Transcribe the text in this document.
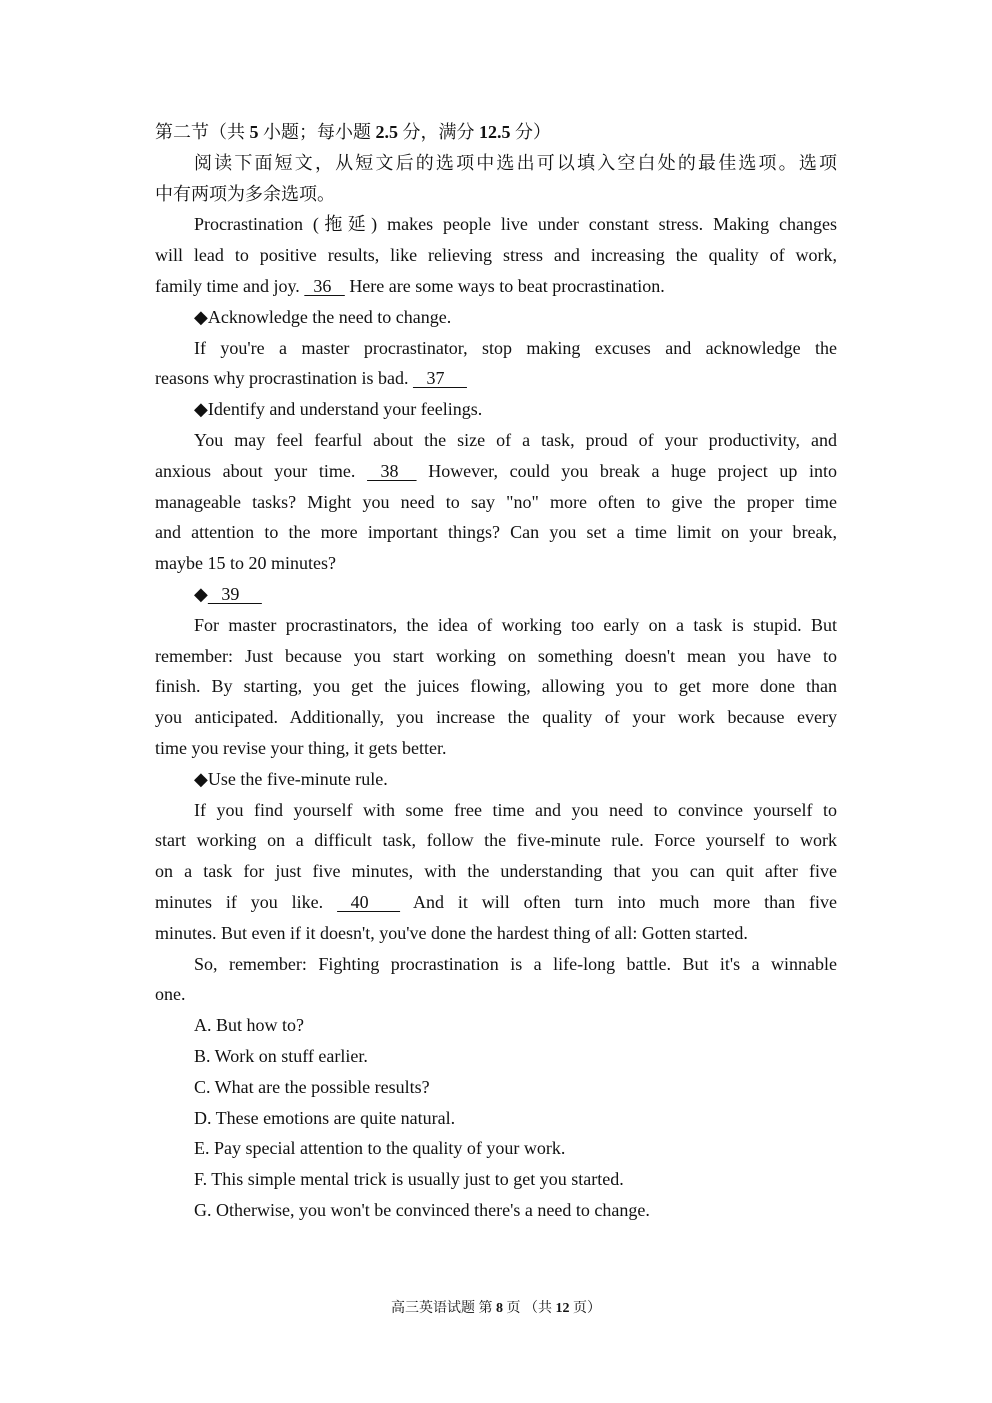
第二节（共 5 小题；每小题 2.5 分，满分 12.5 分）
阅读下面短文，从短文后的选项中选出可以填入空白处的最佳选项。选项
中有两项为多余选项。
Procrastination (拖延) makes people live under constant stress. Making changes
will lead to positive results, like relieving stress and increasing the quality of work,
family time and joy.   36    Here are some ways to beat procrastination.
◆Acknowledge the need to change.
If you're a master procrastinator, stop making excuses and acknowledge the
reasons why procrastination is bad.    37
◆Identify and understand your feelings.
You may feel fearful about the size of a task, proud of your productivity, and
anxious about your time.    38     However, could you break a huge project up into
manageable tasks? Might you need to say "no" more often to give the proper time
and attention to the more important things? Can you set a time limit on your break,
maybe 15 to 20 minutes?
◆   39
For master procrastinators, the idea of working too early on a task is stupid. But
remember: Just because you start working on something doesn't mean you have to
finish. By starting, you get the juices flowing, allowing you to get more done than
you anticipated. Additionally, you increase the quality of your work because every
time you revise your thing, it gets better.
◆Use the five-minute rule.
If you find yourself with some free time and you need to convince yourself to
start working on a difficult task, follow the five-minute rule. Force yourself to work
on a task for just five minutes, with the understanding that you can quit after five
minutes if you like.    40        And it will often turn into much more than five
minutes. But even if it doesn't, you've done the hardest thing of all: Gotten started.
So, remember: Fighting procrastination is a life-long battle. But it's a winnable
one.
A. But how to?
B. Work on stuff earlier.
C. What are the possible results?
D. These emotions are quite natural.
E. Pay special attention to the quality of your work.
F. This simple mental trick is usually just to get you started.
G. Otherwise, you won't be convinced there's a need to change.
高三英语试题 第 8 页 （共 12 页）
